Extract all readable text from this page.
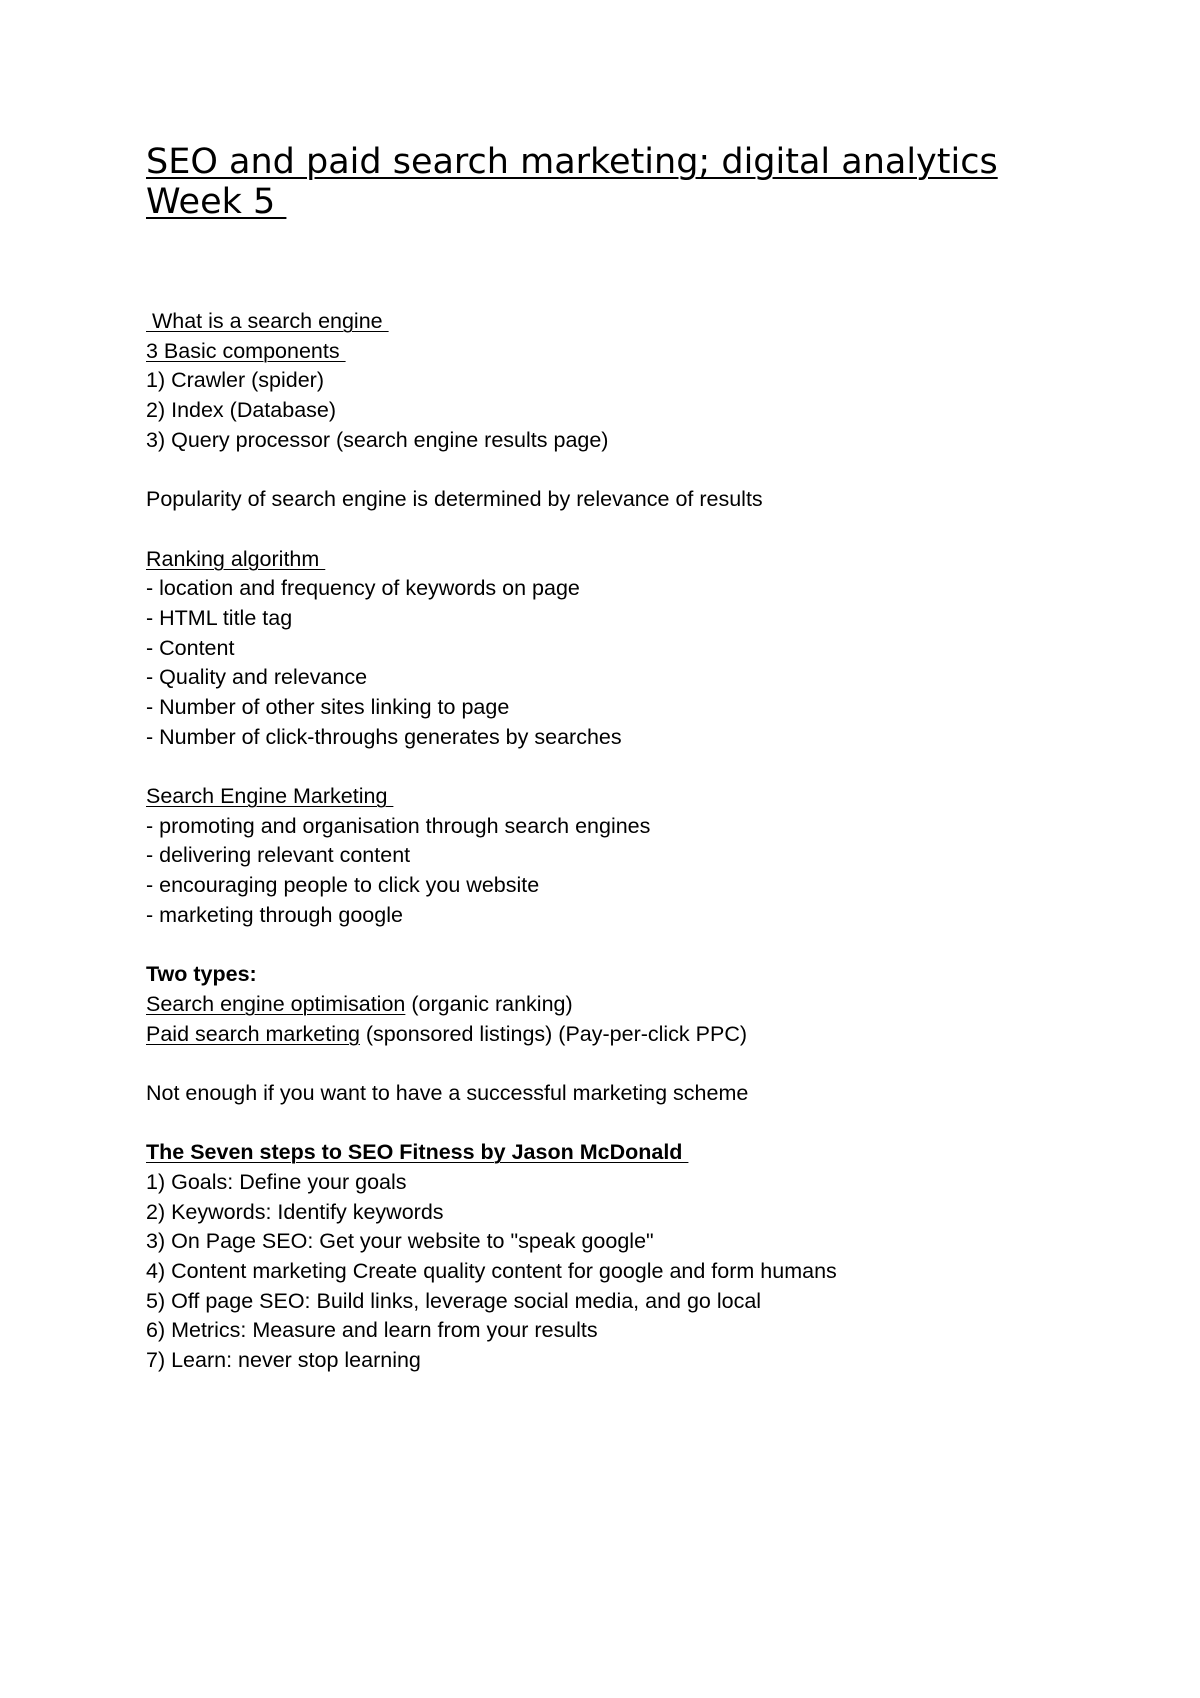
SEO and paid search marketing; digital analytics
Week 5
What is a search engine
3 Basic components
1) Crawler (spider)
2) Index (Database)
3) Query processor (search engine results page)
Popularity of search engine is determined by relevance of results
Ranking algorithm
- location and frequency of keywords on page
- HTML title tag
- Content
- Quality and relevance
- Number of other sites linking to page
- Number of click-throughs generates by searches
Search Engine Marketing
- promoting and organisation through search engines
- delivering relevant content
- encouraging people to click you website
- marketing through google
Two types:
Search engine optimisation (organic ranking)
Paid search marketing (sponsored listings) (Pay-per-click PPC)
Not enough if you want to have a successful marketing scheme
The Seven steps to SEO Fitness by Jason McDonald
1) Goals: Define your goals
2) Keywords: Identify keywords
3) On Page SEO: Get your website to "speak google"
4) Content marketing Create quality content for google and form humans
5) Off page SEO: Build links, leverage social media, and go local
6) Metrics: Measure and learn from your results
7) Learn: never stop learning
